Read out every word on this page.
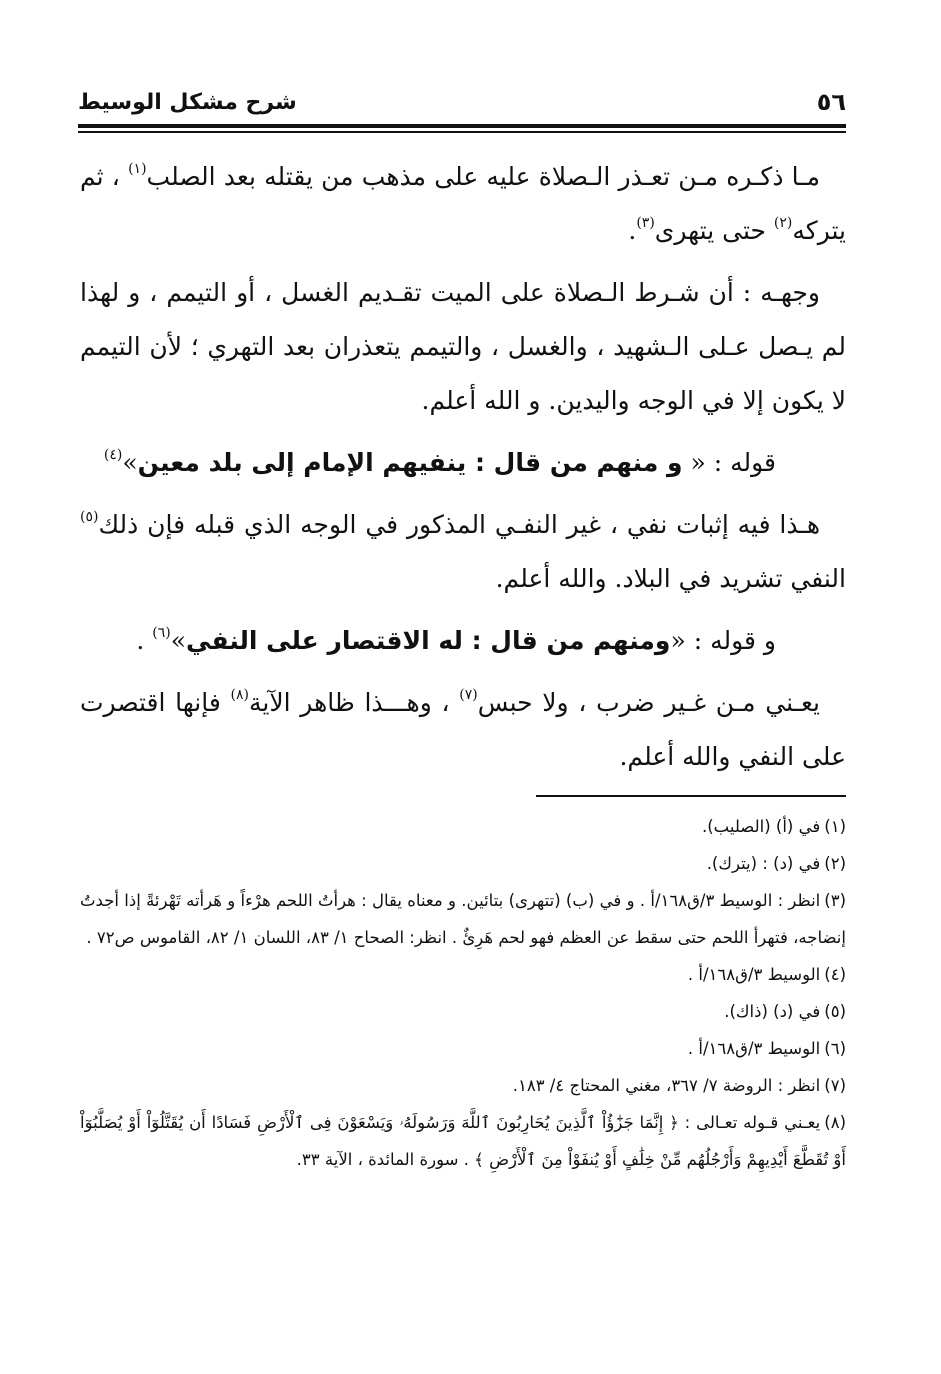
٥٦
شرح مشكل الوسيط

مـا ذكـره مـن تعـذر الـصلاة عليه على مذهب من يقتله بعد الصلب$^{(١)}$ ، ثم يتركه$^{(٢)}$ حتى يتهرى$^{(٣)}$.

وجهـه : أن شـرط الـصلاة على الميت تقـديم الغسل ، أو التيمم ، و لهذا لم يـصل عـلى الـشهيد ، والغسل ، والتيمم يتعذران بعد التهري ؛ لأن التيمم لا يكون إلا في الوجه واليدين. و الله أعلم.

قوله : « و منهم من قال : ينفيهم الإمام إلى بلد معين»$^{(٤)}$

هـذا فيه إثبات نفي ، غير النفـي المذكور في الوجه الذي قبله فإن ذلك$^{(٥)}$ النفي تشريد في البلاد. والله أعلم.

و قوله : «ومنهم من قال : له الاقتصار على النفي»$^{(٦)}$ .

يعـني مـن غـير ضرب ، ولا حبس$^{(٧)}$ ، وهـــذا ظاهر الآية$^{(٨)}$ فإنها اقتصرت على النفي والله أعلم.

(١)في (أ) (الصليب).

(٢)في (د) : (يترك).

(٣)انظر : الوسيط ٣/ق١٦٨/أ . و في (ب) (تتهرى) بتائين. و معناه يقال : هرأتُ اللحم هرْءاً و هَرأته تَهْرئةً إذا أجدتُ إنضاجه، فتهرأ اللحم حتى سقط عن العظم فهو لحم هَرِئٌ . انظر: الصحاح ١/ ٨٣، اللسان ١/ ٨٢، القاموس ص٧٢ .

(٤)الوسيط ٣/ق١٦٨/أ .

(٥)في (د) (ذاك).

(٦)الوسيط ٣/ق١٦٨/أ .

(٧)انظر : الروضة ٧/ ٣٦٧، مغني المحتاج ٤/ ١٨٣.

(٨)يعـني قـوله تعـالى : ﴿ إِنَّمَا جَزَٰٓؤُاْ ٱلَّذِينَ يُحَارِبُونَ ٱللَّهَ وَرَسُولَهُۥ وَيَسْعَوْنَ فِى ٱلْأَرْضِ فَسَادًا أَن يُقَتَّلُوٓاْ أَوْ يُصَلَّبُوٓاْ أَوْ تُقَطَّعَ أَيْدِيهِمْ وَأَرْجُلُهُم مِّنْ خِلَٰفٍ أَوْ يُنفَوْاْ مِنَ ٱلْأَرْضِ ﴾ . سورة المائدة ، الآية ٣٣.
